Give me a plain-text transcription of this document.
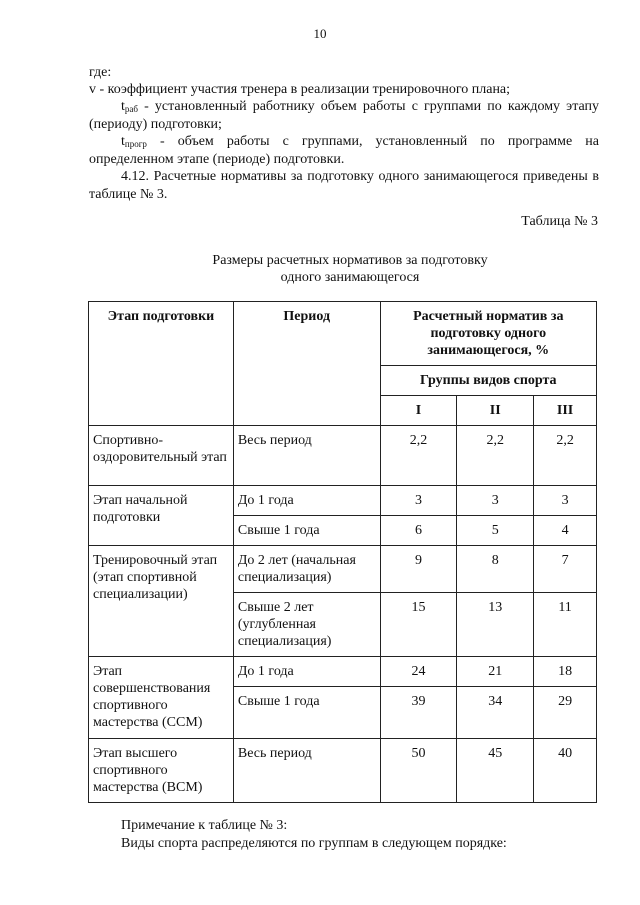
10

где:

v - коэффициент участия тренера в реализации тренировочного плана;

$t_{раб}$ - установленный работнику объем работы с группами по каждому этапу (периоду) подготовки;

$t_{прогр}$ - объем работы с группами, установленный по программе на определенном этапе (периоде) подготовки.

4.12. Расчетные нормативы за подготовку одного занимающегося приведены в таблице № 3.

Таблица № 3
Размеры расчетных нормативов за подготовку
одного занимающегося
Этап подготовки	Период	Расчетный норматив за подготовку одного занимающегося, %		
		Группы видов спорта		
		I	II	III
Спортивно-оздоровительный этап	Весь период	2,2	2,2	2,2
Этап начальной подготовки	До 1 года	3	3	3
	Свыше 1 года	6	5	4
Тренировочный этап (этап спортивной специализации)	До 2 лет (начальная специализация)	9	8	7
	Свыше 2 лет (углубленная специализация)	15	13	11
Этап совершенствования спортивного мастерства (ССМ)	До 1 года	24	21	18
	Свыше 1 года	39	34	29
Этап высшего спортивного мастерства (ВСМ)	Весь период	50	45	40
Примечание к таблице № 3:
Виды спорта распределяются по группам в следующем порядке:
